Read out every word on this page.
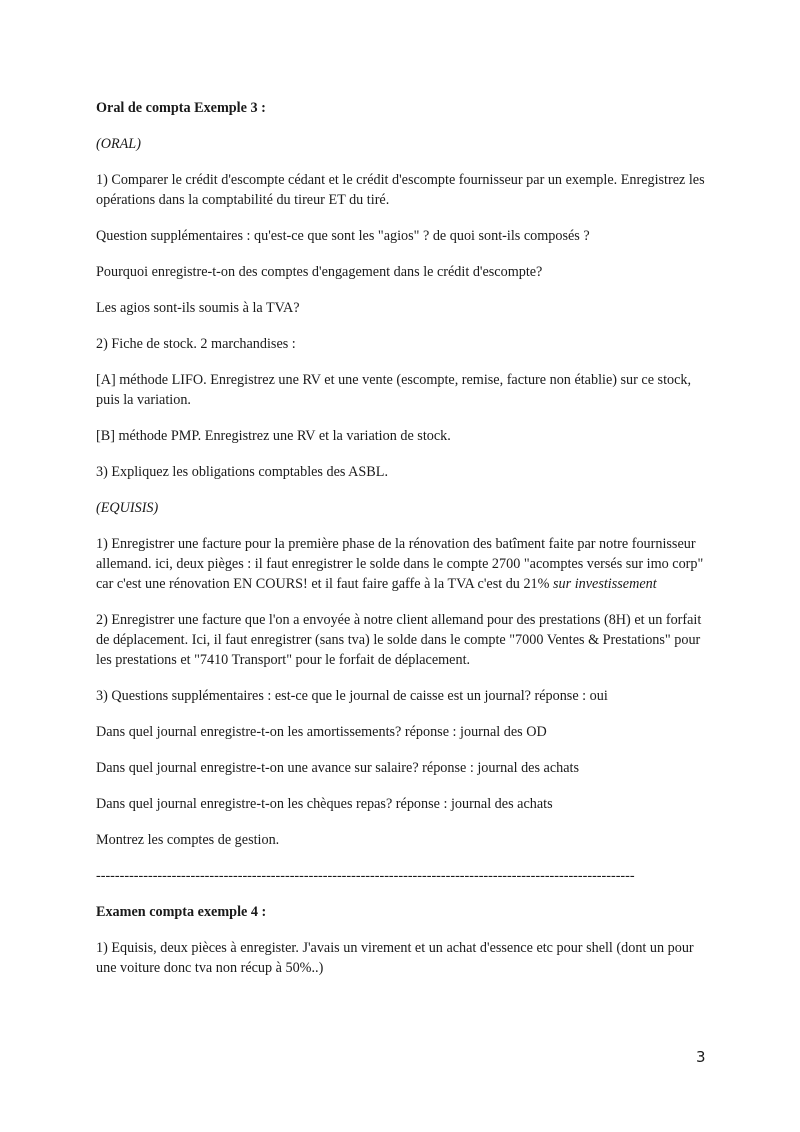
Oral de compta Exemple 3 :

(ORAL)

1) Comparer le crédit d'escompte cédant et le crédit d'escompte fournisseur par un exemple. Enregistrez les opérations dans la comptabilité du tireur ET du tiré.

Question supplémentaires : qu'est-ce que sont les "agios" ? de quoi sont-ils composés ?

Pourquoi enregistre-t-on des comptes d'engagement dans le crédit d'escompte?

Les agios sont-ils soumis à la TVA?

2) Fiche de stock. 2 marchandises :

[A] méthode LIFO. Enregistrez une RV et une vente (escompte, remise, facture non établie) sur ce stock, puis la variation.

[B] méthode PMP. Enregistrez une RV et la variation de stock.

3) Expliquez les obligations comptables des ASBL.

(EQUISIS)

1) Enregistrer une facture pour la première phase de la rénovation des batîment faite par notre fournisseur allemand. ici, deux pièges : il faut enregistrer le solde dans le compte 2700 "acomptes versés sur imo corp" car c'est une rénovation EN COURS! et il faut faire gaffe à la TVA c'est du 21% sur investissement

2) Enregistrer une facture que l'on a envoyée à notre client allemand pour des prestations (8H) et un forfait de déplacement. Ici, il faut enregistrer (sans tva) le solde dans le compte "7000 Ventes & Prestations" pour les prestations et "7410 Transport" pour le forfait de déplacement.

3) Questions supplémentaires : est-ce que le journal de caisse est un journal? réponse : oui

Dans quel journal enregistre-t-on les amortissements? réponse : journal des OD

Dans quel journal enregistre-t-on une avance sur salaire? réponse : journal des achats

Dans quel journal enregistre-t-on les chèques repas? réponse : journal des achats

Montrez les comptes de gestion.

------------------------------------------------------------------------------------------------------------------

Examen compta exemple 4 :

1) Equisis, deux pièces à enregister. J'avais un virement et un achat d'essence etc pour shell (dont un pour une voiture donc tva non récup à 50%..)

3
